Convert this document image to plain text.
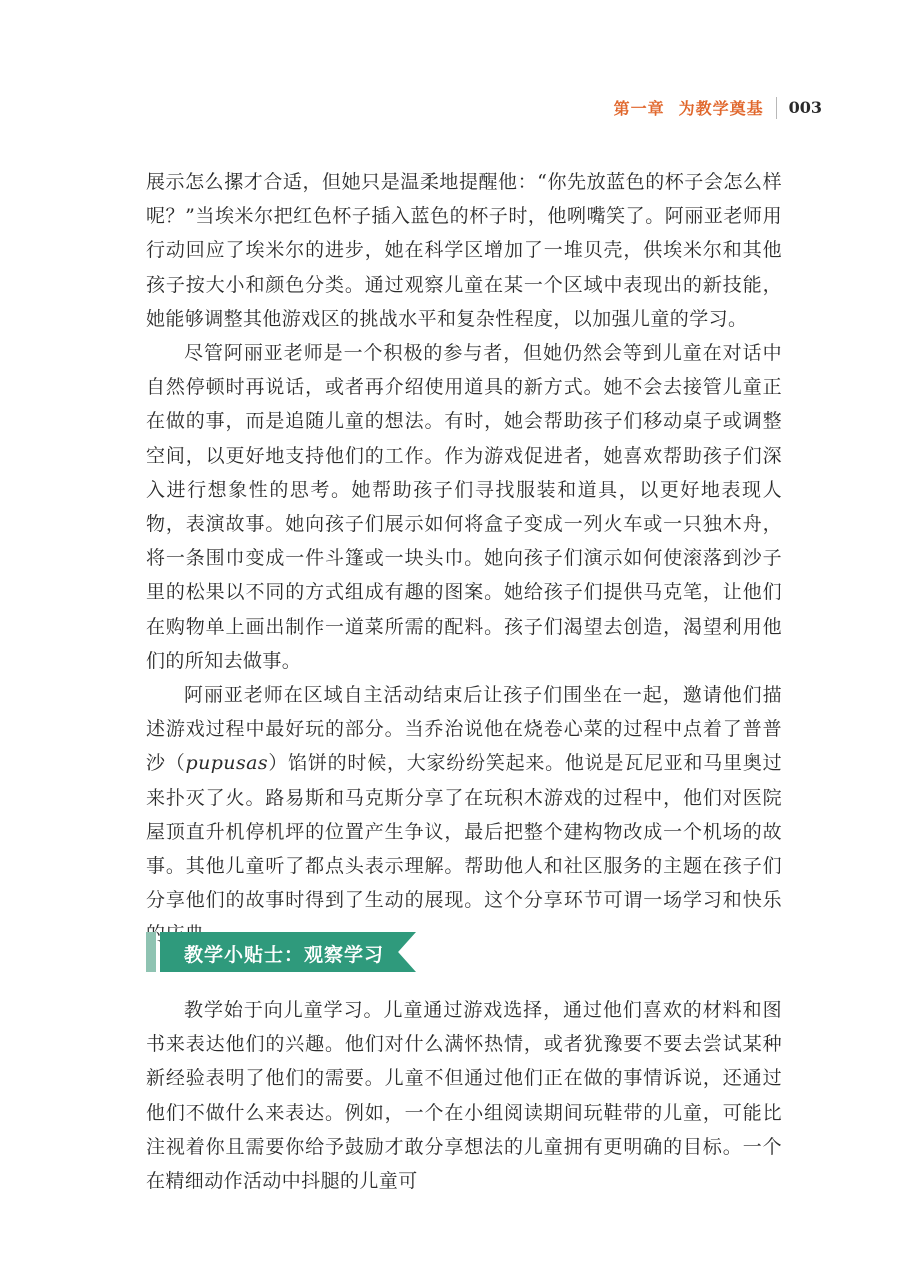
第一章 为教学奠基 003

展示怎么摞才合适，但她只是温柔地提醒他：“你先放蓝色的杯子会怎么样呢？”当埃米尔把红色杯子插入蓝色的杯子时，他咧嘴笑了。阿丽亚老师用行动回应了埃米尔的进步，她在科学区增加了一堆贝壳，供埃米尔和其他孩子按大小和颜色分类。通过观察儿童在某一个区域中表现出的新技能，她能够调整其他游戏区的挑战水平和复杂性程度，以加强儿童的学习。

尽管阿丽亚老师是一个积极的参与者，但她仍然会等到儿童在对话中自然停顿时再说话，或者再介绍使用道具的新方式。她不会去接管儿童正在做的事，而是追随儿童的想法。有时，她会帮助孩子们移动桌子或调整空间，以更好地支持他们的工作。作为游戏促进者，她喜欢帮助孩子们深入进行想象性的思考。她帮助孩子们寻找服装和道具，以更好地表现人物，表演故事。她向孩子们展示如何将盒子变成一列火车或一只独木舟，将一条围巾变成一件斗篷或一块头巾。她向孩子们演示如何使滚落到沙子里的松果以不同的方式组成有趣的图案。她给孩子们提供马克笔，让他们在购物单上画出制作一道菜所需的配料。孩子们渴望去创造，渴望利用他们的所知去做事。

阿丽亚老师在区域自主活动结束后让孩子们围坐在一起，邀请他们描述游戏过程中最好玩的部分。当乔治说他在烧卷心菜的过程中点着了普普沙（pupusas）馅饼的时候，大家纷纷笑起来。他说是瓦尼亚和马里奥过来扑灭了火。路易斯和马克斯分享了在玩积木游戏的过程中，他们对医院屋顶直升机停机坪的位置产生争议，最后把整个建构物改成一个机场的故事。其他儿童听了都点头表示理解。帮助他人和社区服务的主题在孩子们分享他们的故事时得到了生动的展现。这个分享环节可谓一场学习和快乐

教学小贴士：观察学习

教学始于向儿童学习。儿童通过游戏选择，通过他们喜欢的材料和图书来表达他们的兴趣。他们对什么满怀热情，或者犹豫要不要去尝试某种新经验表明了他们的需要。儿童不但通过他们正在做的事情诉说，还通过他们不做什么来表达。例如，一个在小组阅读期间玩鞋带的儿童，可能比注视着你且需要你给予鼓励才敢分享想法的儿童拥有更明确的目标。一个在精细动作活动中抖腿的儿童可
